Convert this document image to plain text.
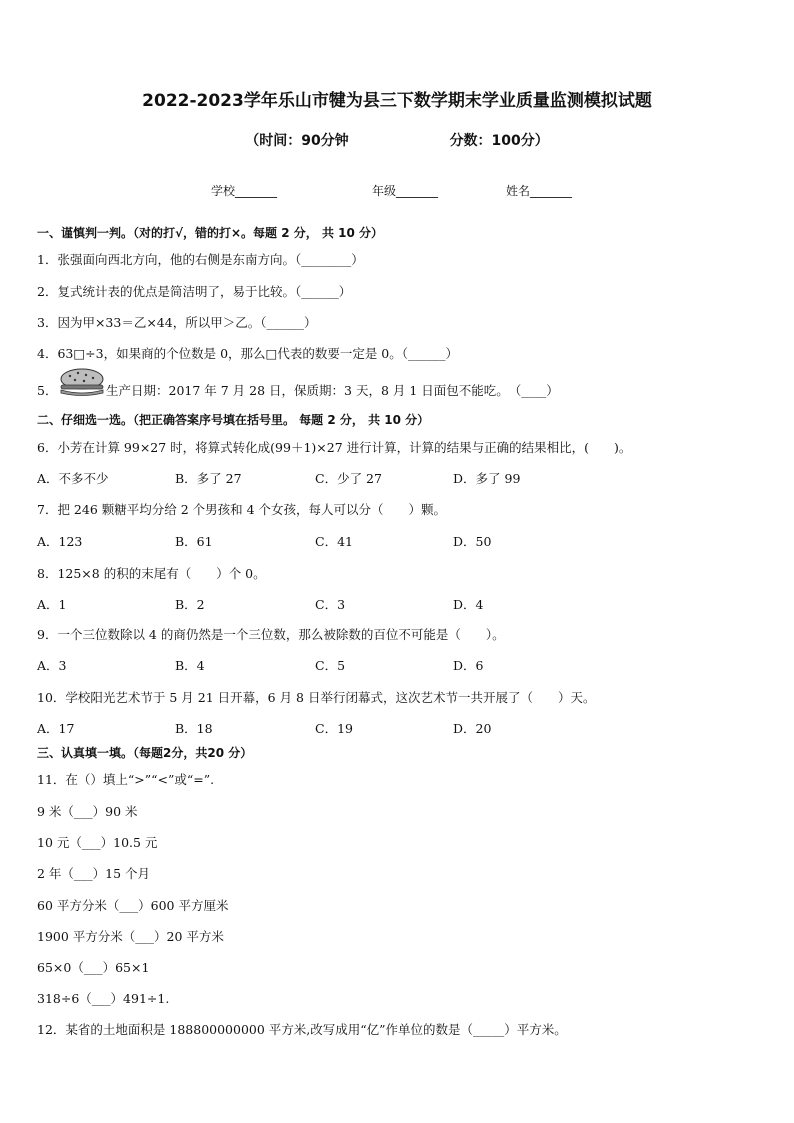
2022-2023学年乐山市犍为县三下数学期末学业质量监测模拟试题
（时间：90分钟	分数：100分）
学校_______	年级_______	姓名_______
一、谨慎判一判。（对的打√，错的打×。每题 2 分， 共 10 分）
1．张强面向西北方向，他的右侧是东南方向。（________）
2．复式统计表的优点是简洁明了，易于比较。（______）
3．因为甲×33＝乙×44，所以甲＞乙。（______）
4．63□÷3，如果商的个位数是 0，那么□代表的数要一定是 0。（______）
5．	生产日期：2017 年 7 月 28 日，保质期：3 天，8 月 1 日面包不能吃。　（____）
二、仔细选一选。（把正确答案序号填在括号里。 每题 2 分， 共 10 分）
6．小芳在计算 99×27 时，将算式转化成(99＋1)×27 进行计算，计算的结果与正确的结果相比，(　　)。
A．不多不少	B．多了 27	C．少了 27	D．多了 99
7．把 246 颗糖平均分给 2 个男孩和 4 个女孩，每人可以分（　　）颗。
A．123	B．61	C．41	D．50
8．125×8 的积的末尾有（　　）个 0。
A．1	B．2	C．3	D．4
9．一个三位数除以 4 的商仍然是一个三位数，那么被除数的百位不可能是（　　）。
A．3	B．4	C．5	D．6
10．学校阳光艺术节于 5 月 21 日开幕，6 月 8 日举行闭幕式，这次艺术节一共开展了（　　）天。
A．17	B．18	C．19	D．20
三、认真填一填。（每题2分，共20 分）
11．在（）填上“>”“<”或“=”.
9 米（___）90 米
10 元（___）10.5 元
2 年（___）15 个月
60 平方分米（___）600 平方厘米
1900 平方分米（___）20 平方米
65×0（___）65×1
318÷6（___）491÷1.
12．某省的土地面积是 188800000000 平方米,改写成用“亿”作单位的数是（_____）平方米。
